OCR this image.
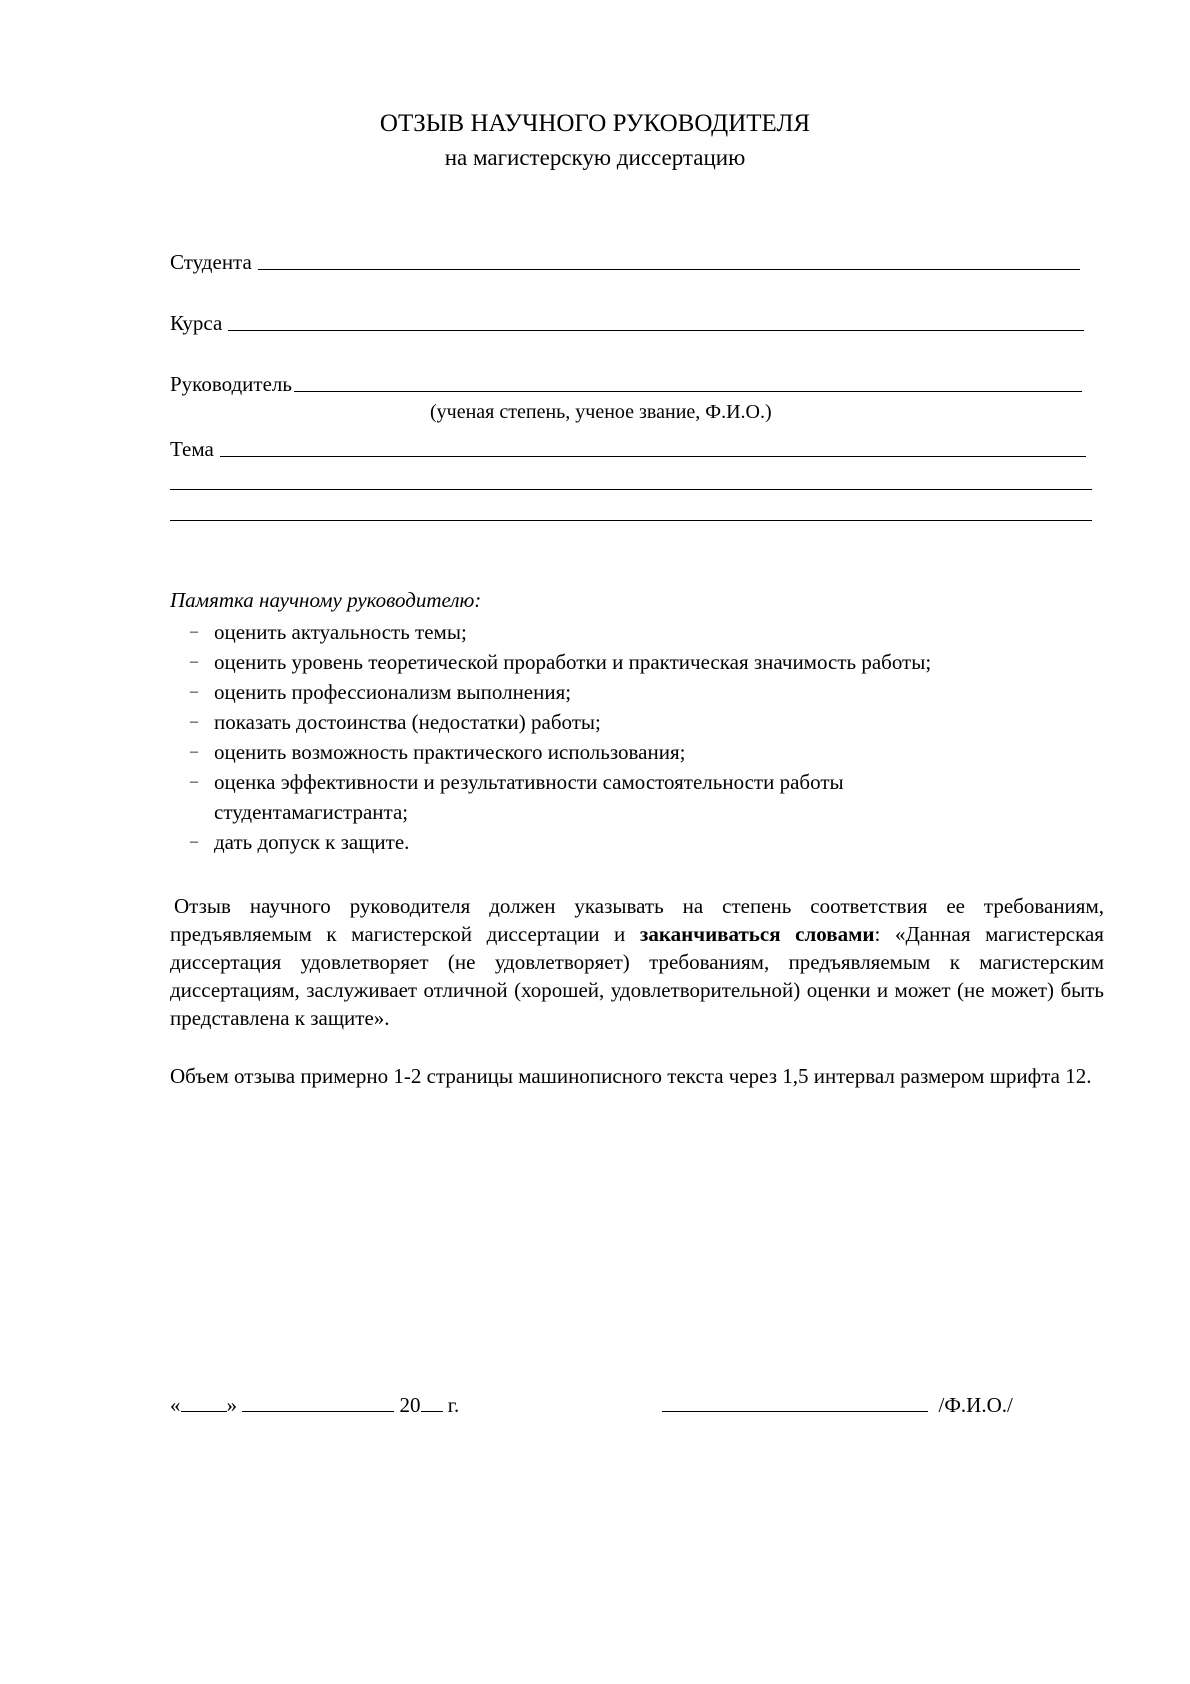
ОТЗЫВ НАУЧНОГО РУКОВОДИТЕЛЯ
на магистерскую диссертацию
Студента
Курса
Руководитель
(ученая степень, ученое звание, Ф.И.О.)
Тема
Памятка научному руководителю:
– оценить актуальность темы;
– оценить уровень теоретической проработки и практическая значимость работы;
– оценить профессионализм выполнения;
– показать достоинства (недостатки) работы;
– оценить возможность практического использования;
– оценка эффективности и результативности самостоятельности работы студентамагистранта;
– дать допуск к защите.
Отзыв научного руководителя должен указывать на степень соответствия ее требованиям, предъявляемым к магистерской диссертации и заканчиваться словами: «Данная магистерская диссертация удовлетворяет (не удовлетворяет) требованиям, предъявляемым к магистерским диссертациям, заслуживает отличной (хорошей, удовлетворительной) оценки и может (не может) быть представлена к защите».
Объем отзыва примерно 1-2 страницы машинописного текста через 1,5 интервал размером шрифта 12.
« »	20 г.	/Ф.И.О./
